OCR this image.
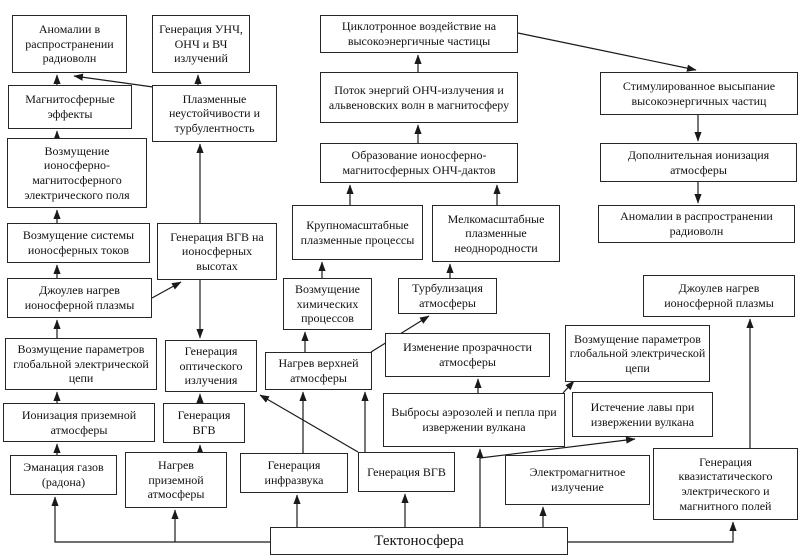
Аномалии в распространении радиоволн
Генерация УНЧ, ОНЧ и ВЧ излучений
Магнитосферные эффекты
Плазменные неустойчивости и турбулентность
Возмущение ионосферно-магнитосферного электрического поля
Возмущение системы ионосферных токов
Генерация ВГВ на ионосферных высотах
Джоулев нагрев ионосферной плазмы
Возмущение параметров глобальной электрической цепи
Ионизация приземной атмосферы
Эманация газов (радона)
Генерация оптического излучения
Генерация ВГВ
Нагрев приземной атмосферы
Циклотронное воздействие на высокоэнергичные частицы
Поток энергий ОНЧ-излучения и альвеновских волн в магнитосферу
Образование ионосферно-магнитосферных ОНЧ-дактов
Крупномасштабные плазменные процессы
Мелкомасштабные плазменные неоднородности
Возмущение химических процессов
Турбулизация атмосферы
Нагрев верхней атмосферы
Изменение прозрачности атмосферы
Выбросы аэрозолей и пепла при извержении вулкана
Генерация инфразвука
Генерация ВГВ	Электромагнитное излучение
Стимулированное высыпание высокоэнергичных частиц
Дополнительная ионизация атмосферы
Аномалии в распространении радиоволн
Джоулев нагрев ионосферной плазмы
Возмущение параметров глобальной электрической цепи
Истечение лавы при извержении вулкана
Генерация квазистатического электрического и магнитного полей
Тектоносфера
